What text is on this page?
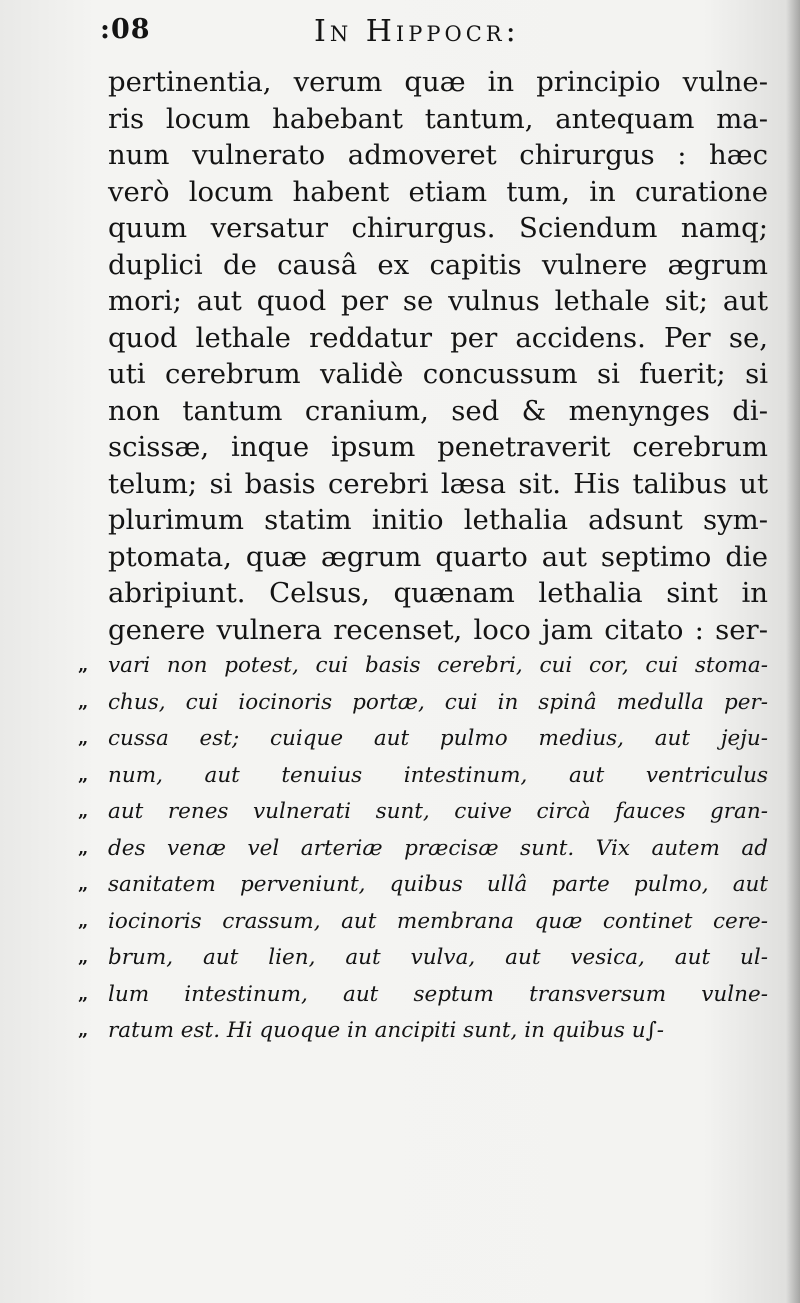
:08	In Hippocr:
pertinentia, verum quæ in principio vulne-
ris locum habebant tantum, antequam ma-
num vulnerato admoveret chirurgus : hæc
verò locum habent etiam tum, in curatione
quum versatur chirurgus. Sciendum namq;
duplici de causâ ex capitis vulnere ægrum
mori; aut quod per se vulnus lethale sit; aut
quod lethale reddatur per accidens. Per se,
uti cerebrum validè concussum si fuerit; si
non tantum cranium, sed & menynges di-
scissæ, inque ipsum penetraverit cerebrum
telum; si basis cerebri læsa sit. His talibus ut
plurimum statim initio lethalia adsunt sym-
ptomata, quæ ægrum quarto aut septimo die
abripiunt. Celsus, quænam lethalia sint in
genere vulnera recenset, loco jam citato : ser-
„ vari non potest, cui basis cerebri, cui cor, cui stoma-
„ chus, cui iocinoris portæ, cui in spinâ medulla per-
„ cussa est; cuique aut pulmo medius, aut jeju-
„ num, aut tenuius intestinum, aut ventriculus
„ aut renes vulnerati sunt, cuive circà fauces gran-
„ des venæ vel arteriæ præcisæ sunt. Vix autem ad
„ sanitatem perveniunt, quibus ullâ parte pulmo, aut
„ iocinoris crassum, aut membrana quæ continet cere-
„ brum, aut lien, aut vulva, aut vesica, aut ul-
„ lum intestinum, aut septum transversum vulne-
„ ratum est. Hi quoque in ancipiti sunt, in quibus u∫-
